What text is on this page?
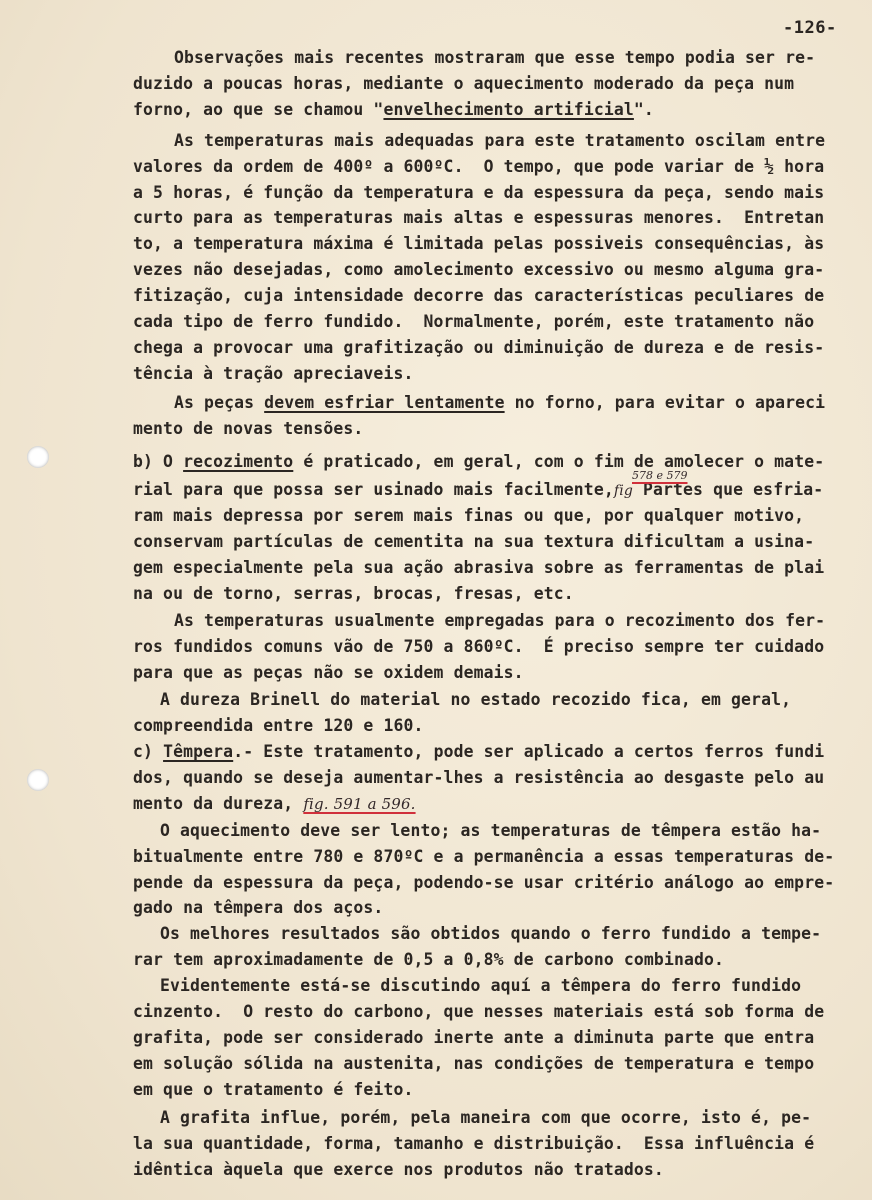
-126-
Observações mais recentes mostraram que esse tempo podia ser re-
duzido a poucas horas, mediante o aquecimento moderado da peça num
forno, ao que se chamou "envelhecimento artificial".
As temperaturas mais adequadas para este tratamento oscilam entre
valores da ordem de 400º a 600ºC.  O tempo, que pode variar de ½ hora
a 5 horas, é função da temperatura e da espessura da peça, sendo mais
curto para as temperaturas mais altas e espessuras menores.  Entretan
to, a temperatura máxima é limitada pelas possiveis consequências, às
vezes não desejadas, como amolecimento excessivo ou mesmo alguma gra-
fitização, cuja intensidade decorre das características peculiares de
cada tipo de ferro fundido.  Normalmente, porém, este tratamento não
chega a provocar uma grafitização ou diminuição de dureza e de resis-
tência à tração apreciaveis.
As peças devem esfriar lentamente no forno, para evitar o apareci
mento de novas tensões.
b) O recozimento é praticado, em geral, com o fim de amolecer o mate-
rial para que possa ser usinado mais facilmente,fig Partes que esfria-
578 e 579
ram mais depressa por serem mais finas ou que, por qualquer motivo,
conservam partículas de cementita na sua textura dificultam a usina-
gem especialmente pela sua ação abrasiva sobre as ferramentas de plai
na ou de torno, serras, brocas, fresas, etc.
As temperaturas usualmente empregadas para o recozimento dos fer-
ros fundidos comuns vão de 750 a 860ºC.  É preciso sempre ter cuidado
para que as peças não se oxidem demais.
A dureza Brinell do material no estado recozido fica, em geral,
compreendida entre 120 e 160.
c) Têmpera.- Este tratamento, pode ser aplicado a certos ferros fundi
dos, quando se deseja aumentar-lhes a resistência ao desgaste pelo au
mento da dureza, fig. 591 a 596.
O aquecimento deve ser lento; as temperaturas de têmpera estão ha-
bitualmente entre 780 e 870ºC e a permanência a essas temperaturas de-
pende da espessura da peça, podendo-se usar critério análogo ao empre-
gado na têmpera dos aços.
Os melhores resultados são obtidos quando o ferro fundido a tempe-
rar tem aproximadamente de 0,5 a 0,8% de carbono combinado.
Evidentemente está-se discutindo aquí a têmpera do ferro fundido
cinzento.  O resto do carbono, que nesses materiais está sob forma de
grafita, pode ser considerado inerte ante a diminuta parte que entra
em solução sólida na austenita, nas condições de temperatura e tempo
em que o tratamento é feito.
A grafita influe, porém, pela maneira com que ocorre, isto é, pe-
la sua quantidade, forma, tamanho e distribuição.  Essa influência é
idêntica àquela que exerce nos produtos não tratados.
